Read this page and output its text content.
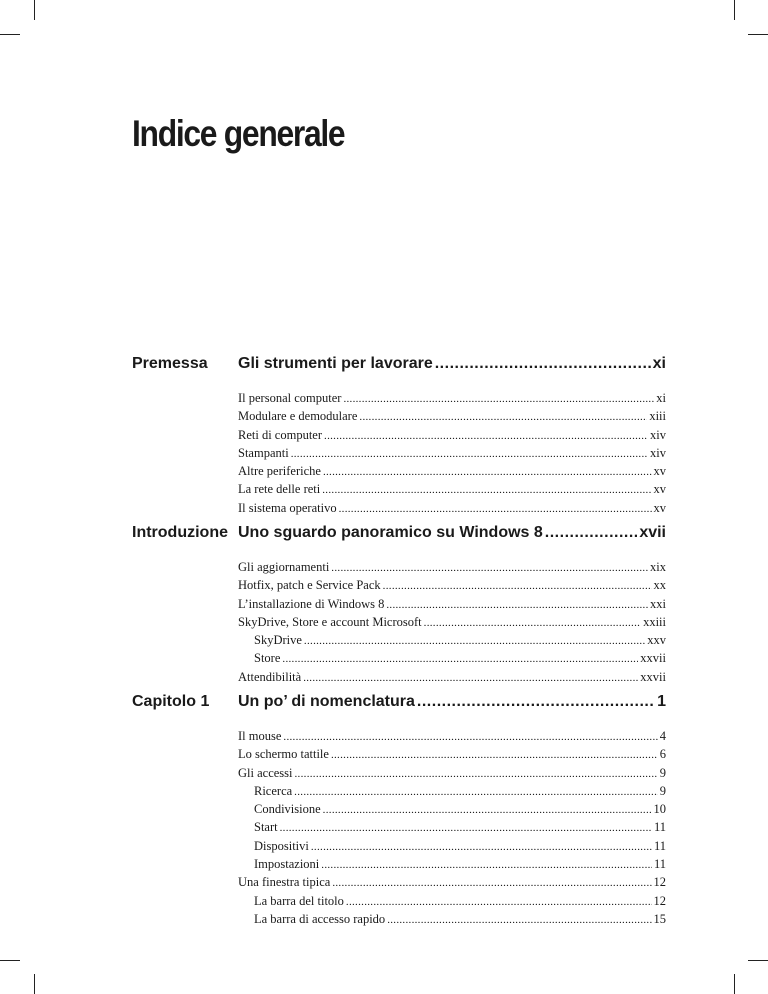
Indice generale
Premessa Gli strumenti per lavorare .....	xi
Il personal computer .....	xi
Modulare e demodulare .....	xiii
Reti di computer .....	xiv
Stampanti .....	xiv
Altre periferiche .....	xv
La rete delle reti .....	xv
Il sistema operativo .....	xv
Introduzione Uno sguardo panoramico su Windows 8 .....	xvii
Gli aggiornamenti .....	xix
Hotfix, patch e Service Pack .....	xx
L’installazione di Windows 8 .....	xxi
SkyDrive, Store e account Microsoft .....	xxiii
SkyDrive .....	xxv
Store .....	xxvii
Attendibilità .....	xxvii
Capitolo 1 Un po’ di nomenclatura .....	1
Il mouse .....	4
Lo schermo tattile .....	6
Gli accessi .....	9
Ricerca .....	9
Condivisione .....	10
Start .....	11
Dispositivi .....	11
Impostazioni .....	11
Una finestra tipica .....	12
La barra del titolo .....	12
La barra di accesso rapido .....	15
